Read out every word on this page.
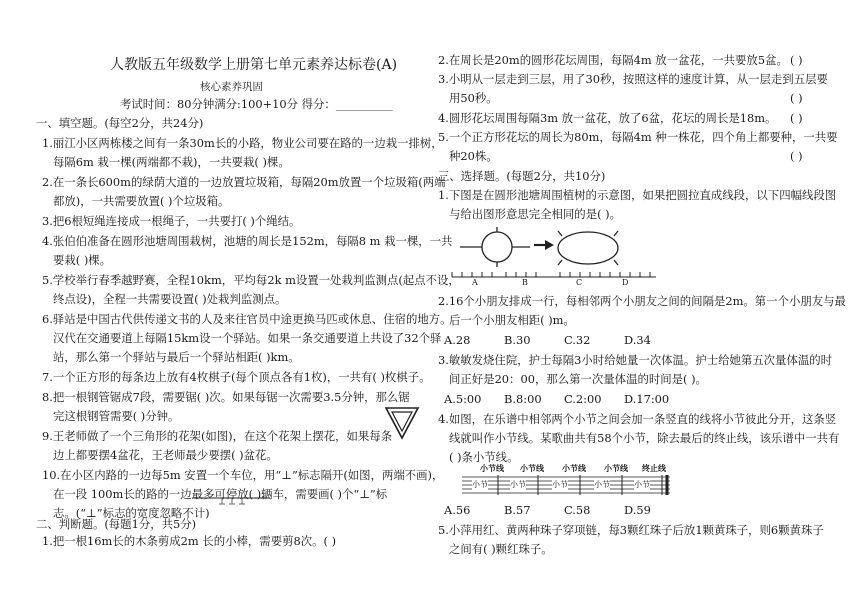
人教版五年级数学上册第七单元素养达标卷(A)
核心素养巩固
考试时间：80分钟满分:100+10分 得分：__________
一、填空题。(每空2分，共24分)
1.丽江小区两栋楼之间有一条30m长的小路，物业公司要在路的一边栽一排树，
每隔6m 栽一棵(两端都不栽)，一共要栽( )棵。
2.在一条长600m的绿荫大道的一边放置垃圾箱，每隔20m放置一个垃圾箱(两端
都放)，一共需要放置( )个垃圾箱。
3.把6根短绳连接成一根绳子，一共要打( )个绳结。
4.张伯伯准备在圆形池塘周围栽树，池塘的周长是152m，每隔8 m 栽一棵，一共
要栽( )棵。
5.学校举行春季越野赛，全程10km，平均每2k m设置一处栽判监测点(起点不设，
终点设)，全程一共需要设置( )处栽判监测点。
6.驿站是中国古代供传递文书的人及来往官员中途更换马匹或休息、住宿的地方。
汉代在交通要道上每隔15km设一个驿站。如果一条交通要道上共设了32个驿
站，那么第一个驿站与最后一个驿站相距( )km。
7.一个正方形的每条边上放有4枚棋子(每个顶点各有1枚)，一共有( )枚棋子。
8.把一根钢管锯成7段，需要锯( )次。如果每锯一次需要3.5分钟，那么锯
完这根钢管需要( )分钟。
9.王老师做了一个三角形的花架(如图)，在这个花架上摆花，如果每条
边上都要摆4盆花，王老师最少要摆( )盆花。
10.在小区内路的一边每5m 安置一个车位，用“⊥”标志隔开(如图，两端不画)，
在一段 100m长的路的一边最多可停放( )辆车，需要画( )个“⊥”标
志。(“⊥”标志的宽度忽略不计)
二、判断题。(每题1分，共5分)
1.把一根16m长的木条剪成2m 长的小棒，需要剪8次。( )
2.在周长是20m的圆形花坛周围，每隔4m 放一盆花，一共要放5盆。 ( )
3.小明从一层走到三层，用了30秒，按照这样的速度计算，从一层走到五层要
用50秒。	( )
4.圆形花坛周围每隔3m 放一盆花，放了6盆，花坛的周长是18m。 ( )
5.一个正方形花坛的周长为80m，每隔4m 种一株花，四个角上都要种，一共要
种20株。	( )
三、选择题。(每题2分，共10分)
1.下图是在圆形池塘周围植树的示意图，如果把圆拉直成线段，以下四幅线段图
与给出图形意思完全相同的是( )。
2.16个小朋友排成一行，每相邻两个小朋友之间的间隔是2m。第一个小朋友与最
后一个小朋友相距( )m。
A.28	B.30	C.32	D.34
3.敏敏发烧住院，护士每隔3小时给她量一次体温。护士给她第五次量体温的时
间正好是20：00，那么第一次量体温的时间是( )。
A.5:00 B.8:00 C.2:00 D.17:00
4.如图，在乐谱中相邻两个小节之间会加一条竖直的线将小节彼此分开，这条竖
线就叫作小节线。某歌曲共有58个小节，除去最后的终止线，该乐谱中一共有
( )条小节线。
A.56	B.57	C.58	D.59
5.小萍用红、黄两种珠子穿项链，每3颗红珠子后放1颗黄珠子，则6颗黄珠子
之间有( )颗红珠子。
A	B	C	D
小节线 小节线 小节线 小节线 终止线
小节	小节	小节	小节	小节
